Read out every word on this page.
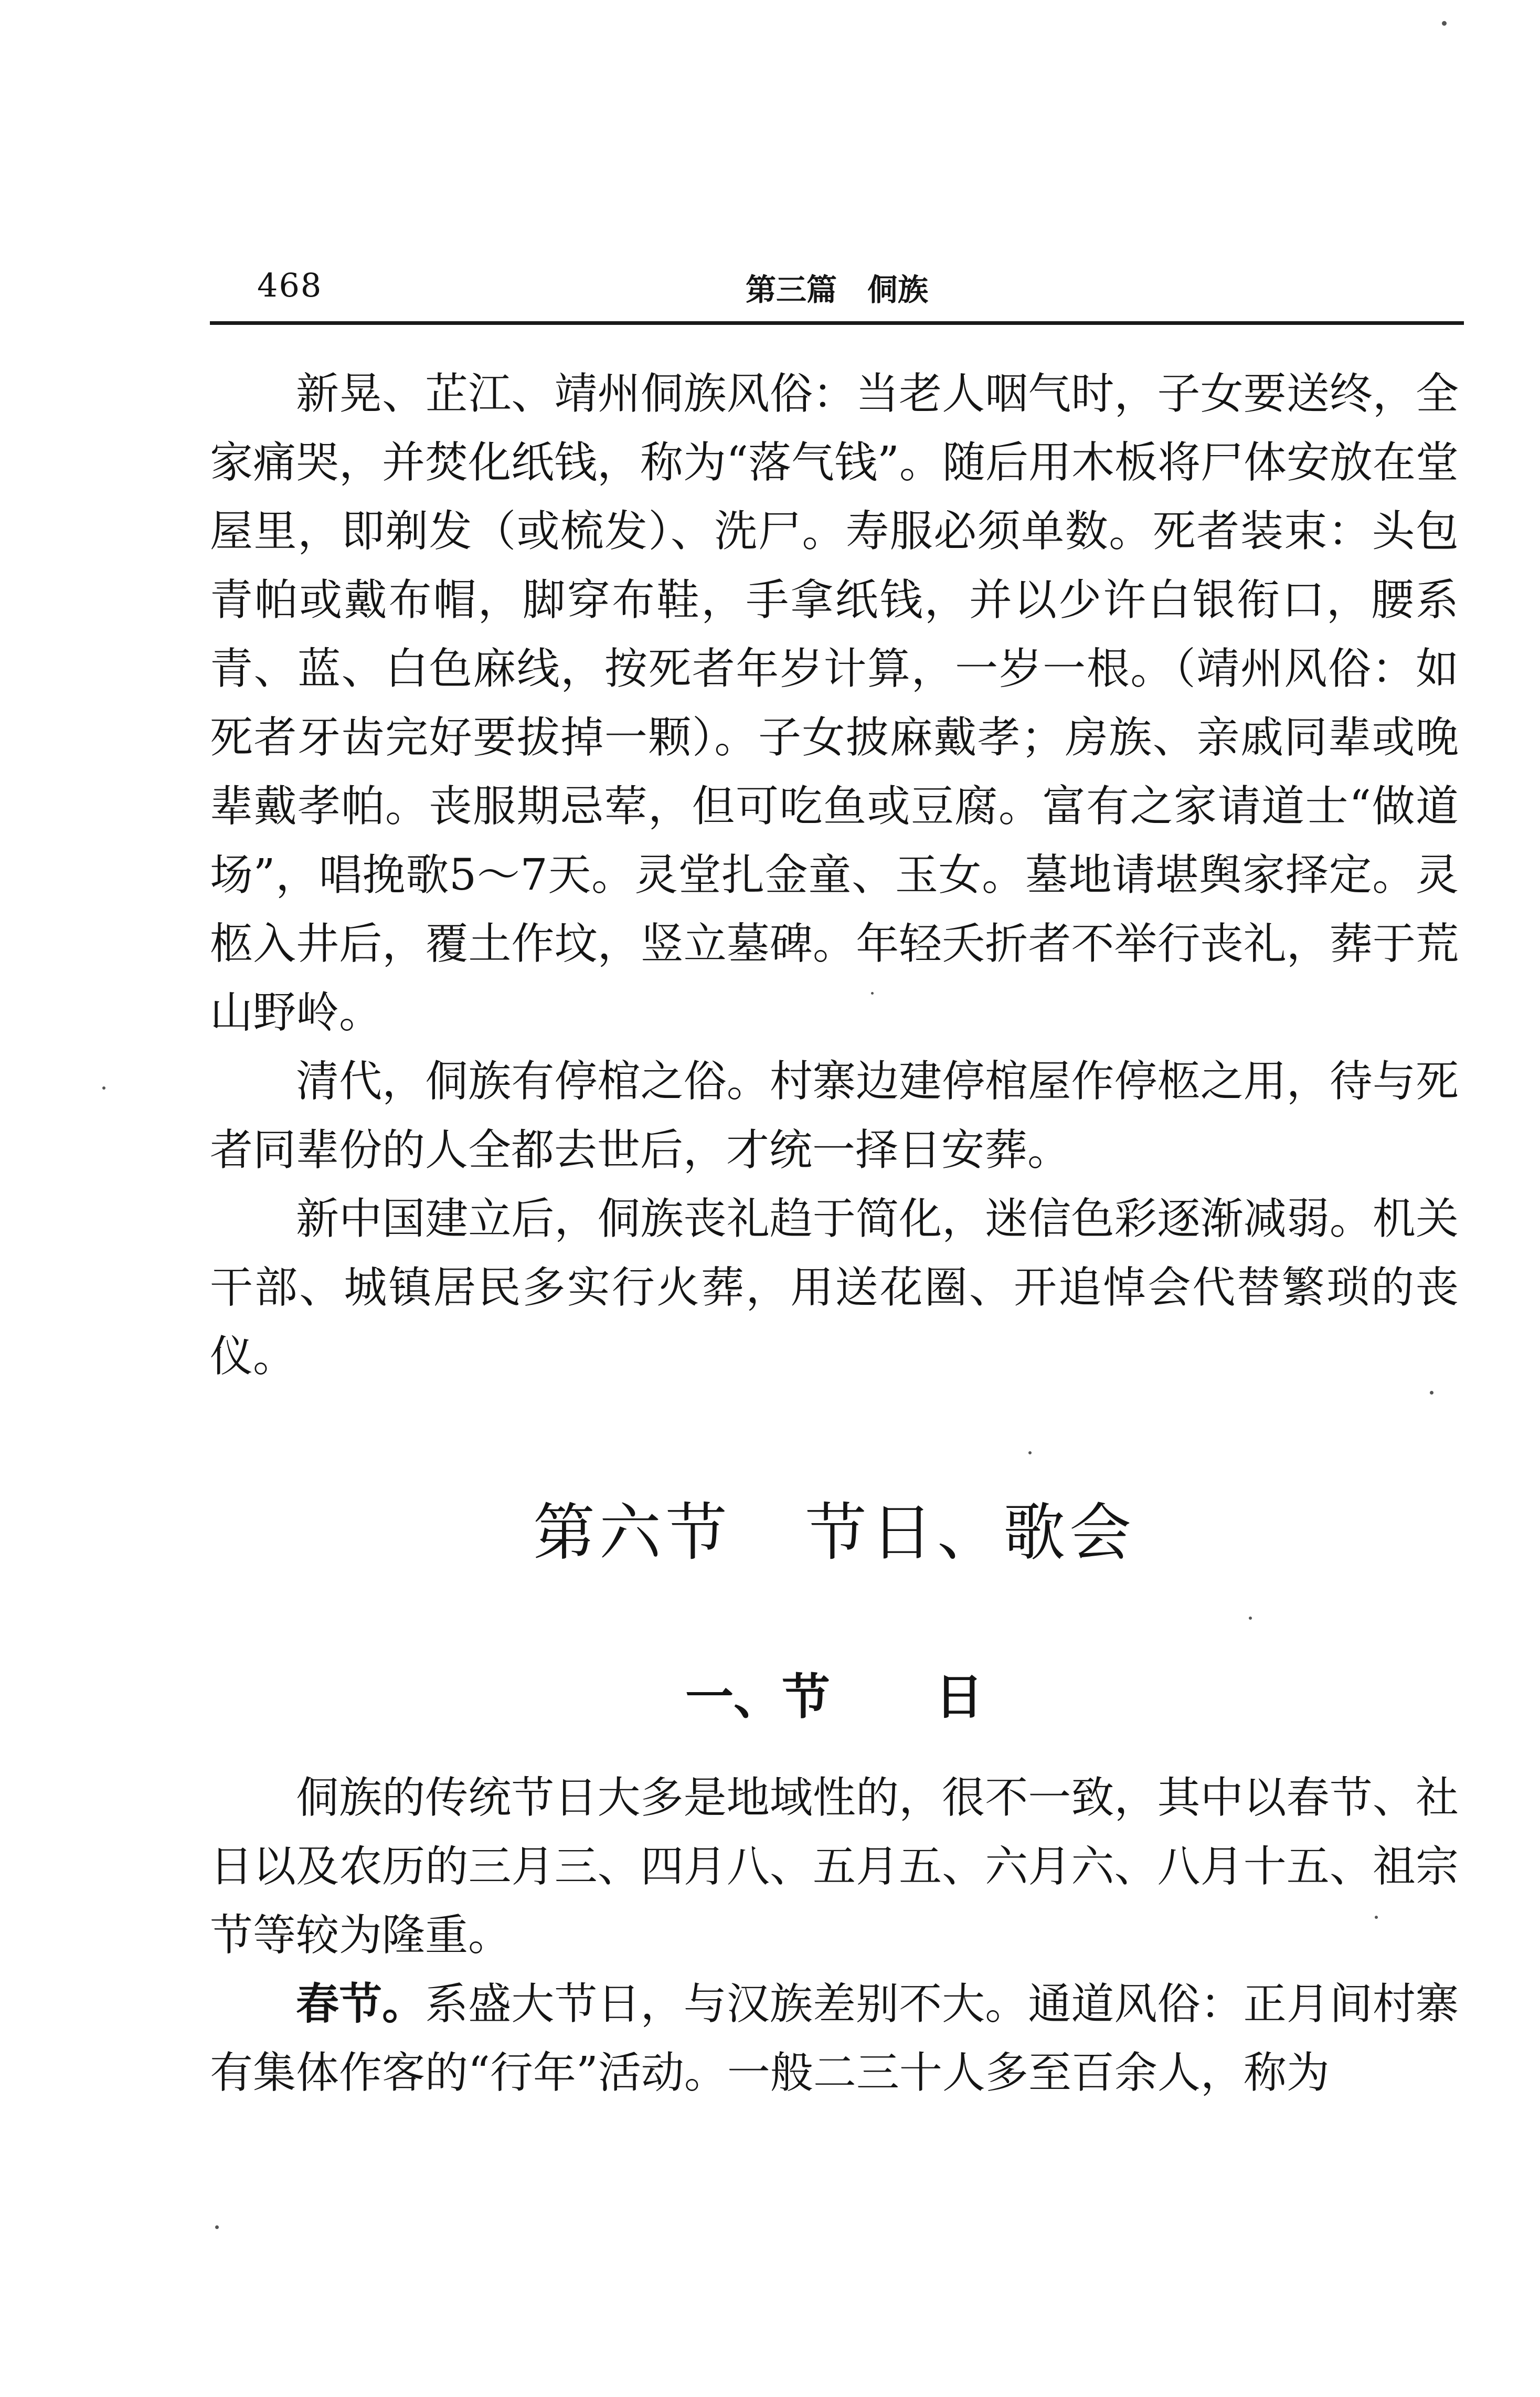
468	第三篇　侗族

新晃、芷江、靖州侗族风俗：当老人咽气时，子女要送终，全家痛哭，并焚化纸钱，称为“落气钱”。随后用木板将尸体安放在堂屋里，即剃发（或梳发）、洗尸。寿服必须单数。死者装束：头包青帕或戴布帽，脚穿布鞋，手拿纸钱，并以少许白银衔口，腰系青、蓝、白色麻线，按死者年岁计算，一岁一根。（靖州风俗：如死者牙齿完好要拔掉一颗）。子女披麻戴孝；房族、亲戚同辈或晚辈戴孝帕。丧服期忌荤，但可吃鱼或豆腐。富有之家请道士“做道场”，唱挽歌5～7天。灵堂扎金童、玉女。墓地请堪舆家择定。灵柩入井后，覆土作坟，竖立墓碑。年轻夭折者不举行丧礼，葬于荒山野岭。

清代，侗族有停棺之俗。村寨边建停棺屋作停柩之用，待与死者同辈份的人全都去世后，才统一择日安葬。

新中国建立后，侗族丧礼趋于简化，迷信色彩逐渐减弱。机关干部、城镇居民多实行火葬，用送花圈、开追悼会代替繁琐的丧仪。

第六节 节日、歌会
一、节 日

侗族的传统节日大多是地域性的，很不一致，其中以春节、社日以及农历的三月三、四月八、五月五、六月六、八月十五、祖宗节等较为隆重。

春节。系盛大节日，与汉族差别不大。通道风俗：正月间村寨有集体作客的“行年”活动。一般二三十人多至百余人，称为
